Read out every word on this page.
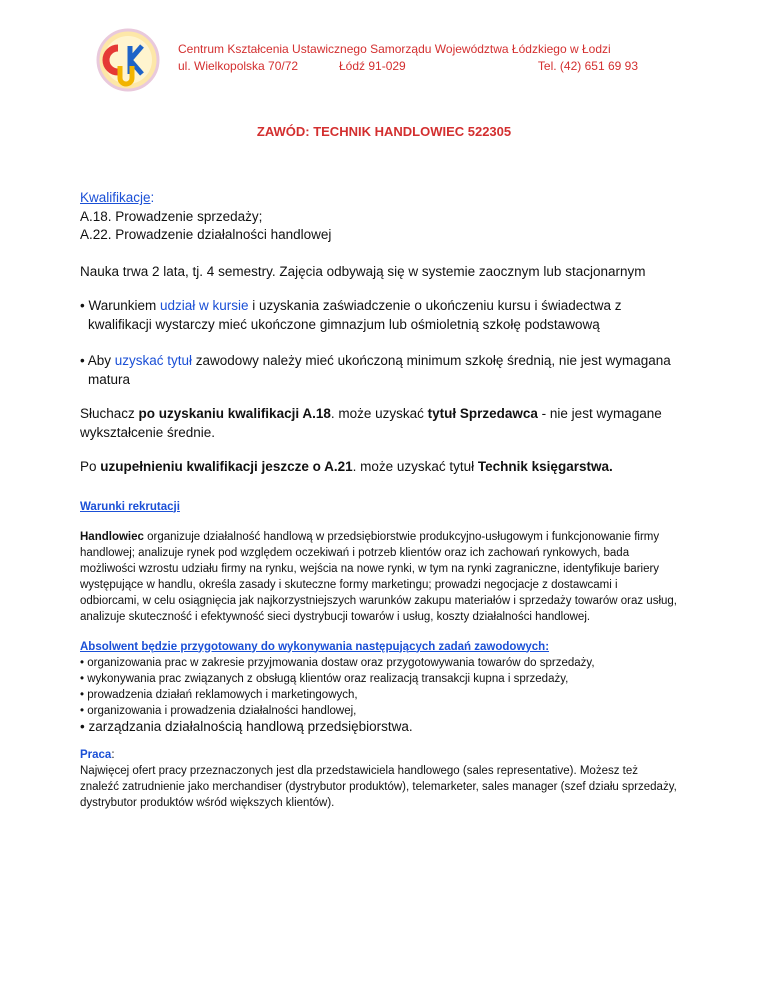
Centrum Kształcenia Ustawicznego Samorządu Województwa Łódzkiego w Łodzi
ul. Wielkopolska 70/72	Łódź 91-029	Tel. (42) 651 69 93
ZAWÓD: TECHNIK HANDLOWIEC 522305

Kwalifikacje:

A.18. Prowadzenie sprzedaży;

A.22. Prowadzenie działalności handlowej

Nauka trwa 2 lata, tj. 4 semestry. Zajęcia odbywają się w systemie zaocznym lub stacjonarnym

• Warunkiem udział w kursie i uzyskania zaświadczenie o ukończeniu kursu i świadectwa z kwalifikacji wystarczy mieć ukończone gimnazjum lub ośmioletnią szkołę podstawową

• Aby uzyskać tytuł zawodowy należy mieć ukończoną minimum szkołę średnią, nie jest wymagana matura

Słuchacz po uzyskaniu kwalifikacji A.18. może uzyskać tytuł Sprzedawca - nie jest wymagane wykształcenie średnie.

Po uzupełnieniu kwalifikacji jeszcze o A.21. może uzyskać tytuł Technik księgarstwa.

Warunki rekrutacji

Handlowiec organizuje działalność handlową w przedsiębiorstwie produkcyjno-usługowym i funkcjonowanie firmy handlowej; analizuje rynek pod względem oczekiwań i potrzeb klientów oraz ich zachowań rynkowych, bada możliwości wzrostu udziału firmy na rynku, wejścia na nowe rynki, w tym na rynki zagraniczne, identyfikuje bariery występujące w handlu, określa zasady i skuteczne formy marketingu; prowadzi negocjacje z dostawcami i odbiorcami, w celu osiągnięcia jak najkorzystniejszych warunków zakupu materiałów i sprzedaży towarów oraz usług, analizuje skuteczność i efektywność sieci dystrybucji towarów i usług, koszty działalności handlowej.

Absolwent będzie przygotowany do wykonywania następujących zadań zawodowych:

• organizowania prac w zakresie przyjmowania dostaw oraz przygotowywania towarów do sprzedaży,

• wykonywania prac związanych z obsługą klientów oraz realizacją transakcji kupna i sprzedaży,

• prowadzenia działań reklamowych i marketingowych,

• organizowania i prowadzenia działalności handlowej,

• zarządzania działalnością handlową przedsiębiorstwa.

Praca:

Najwięcej ofert pracy przeznaczonych jest dla przedstawiciela handlowego (sales representative). Możesz też znaleźć zatrudnienie jako merchandiser (dystrybutor produktów), telemarketer, sales manager (szef działu sprzedaży, dystrybutor produktów wśród większych klientów).
